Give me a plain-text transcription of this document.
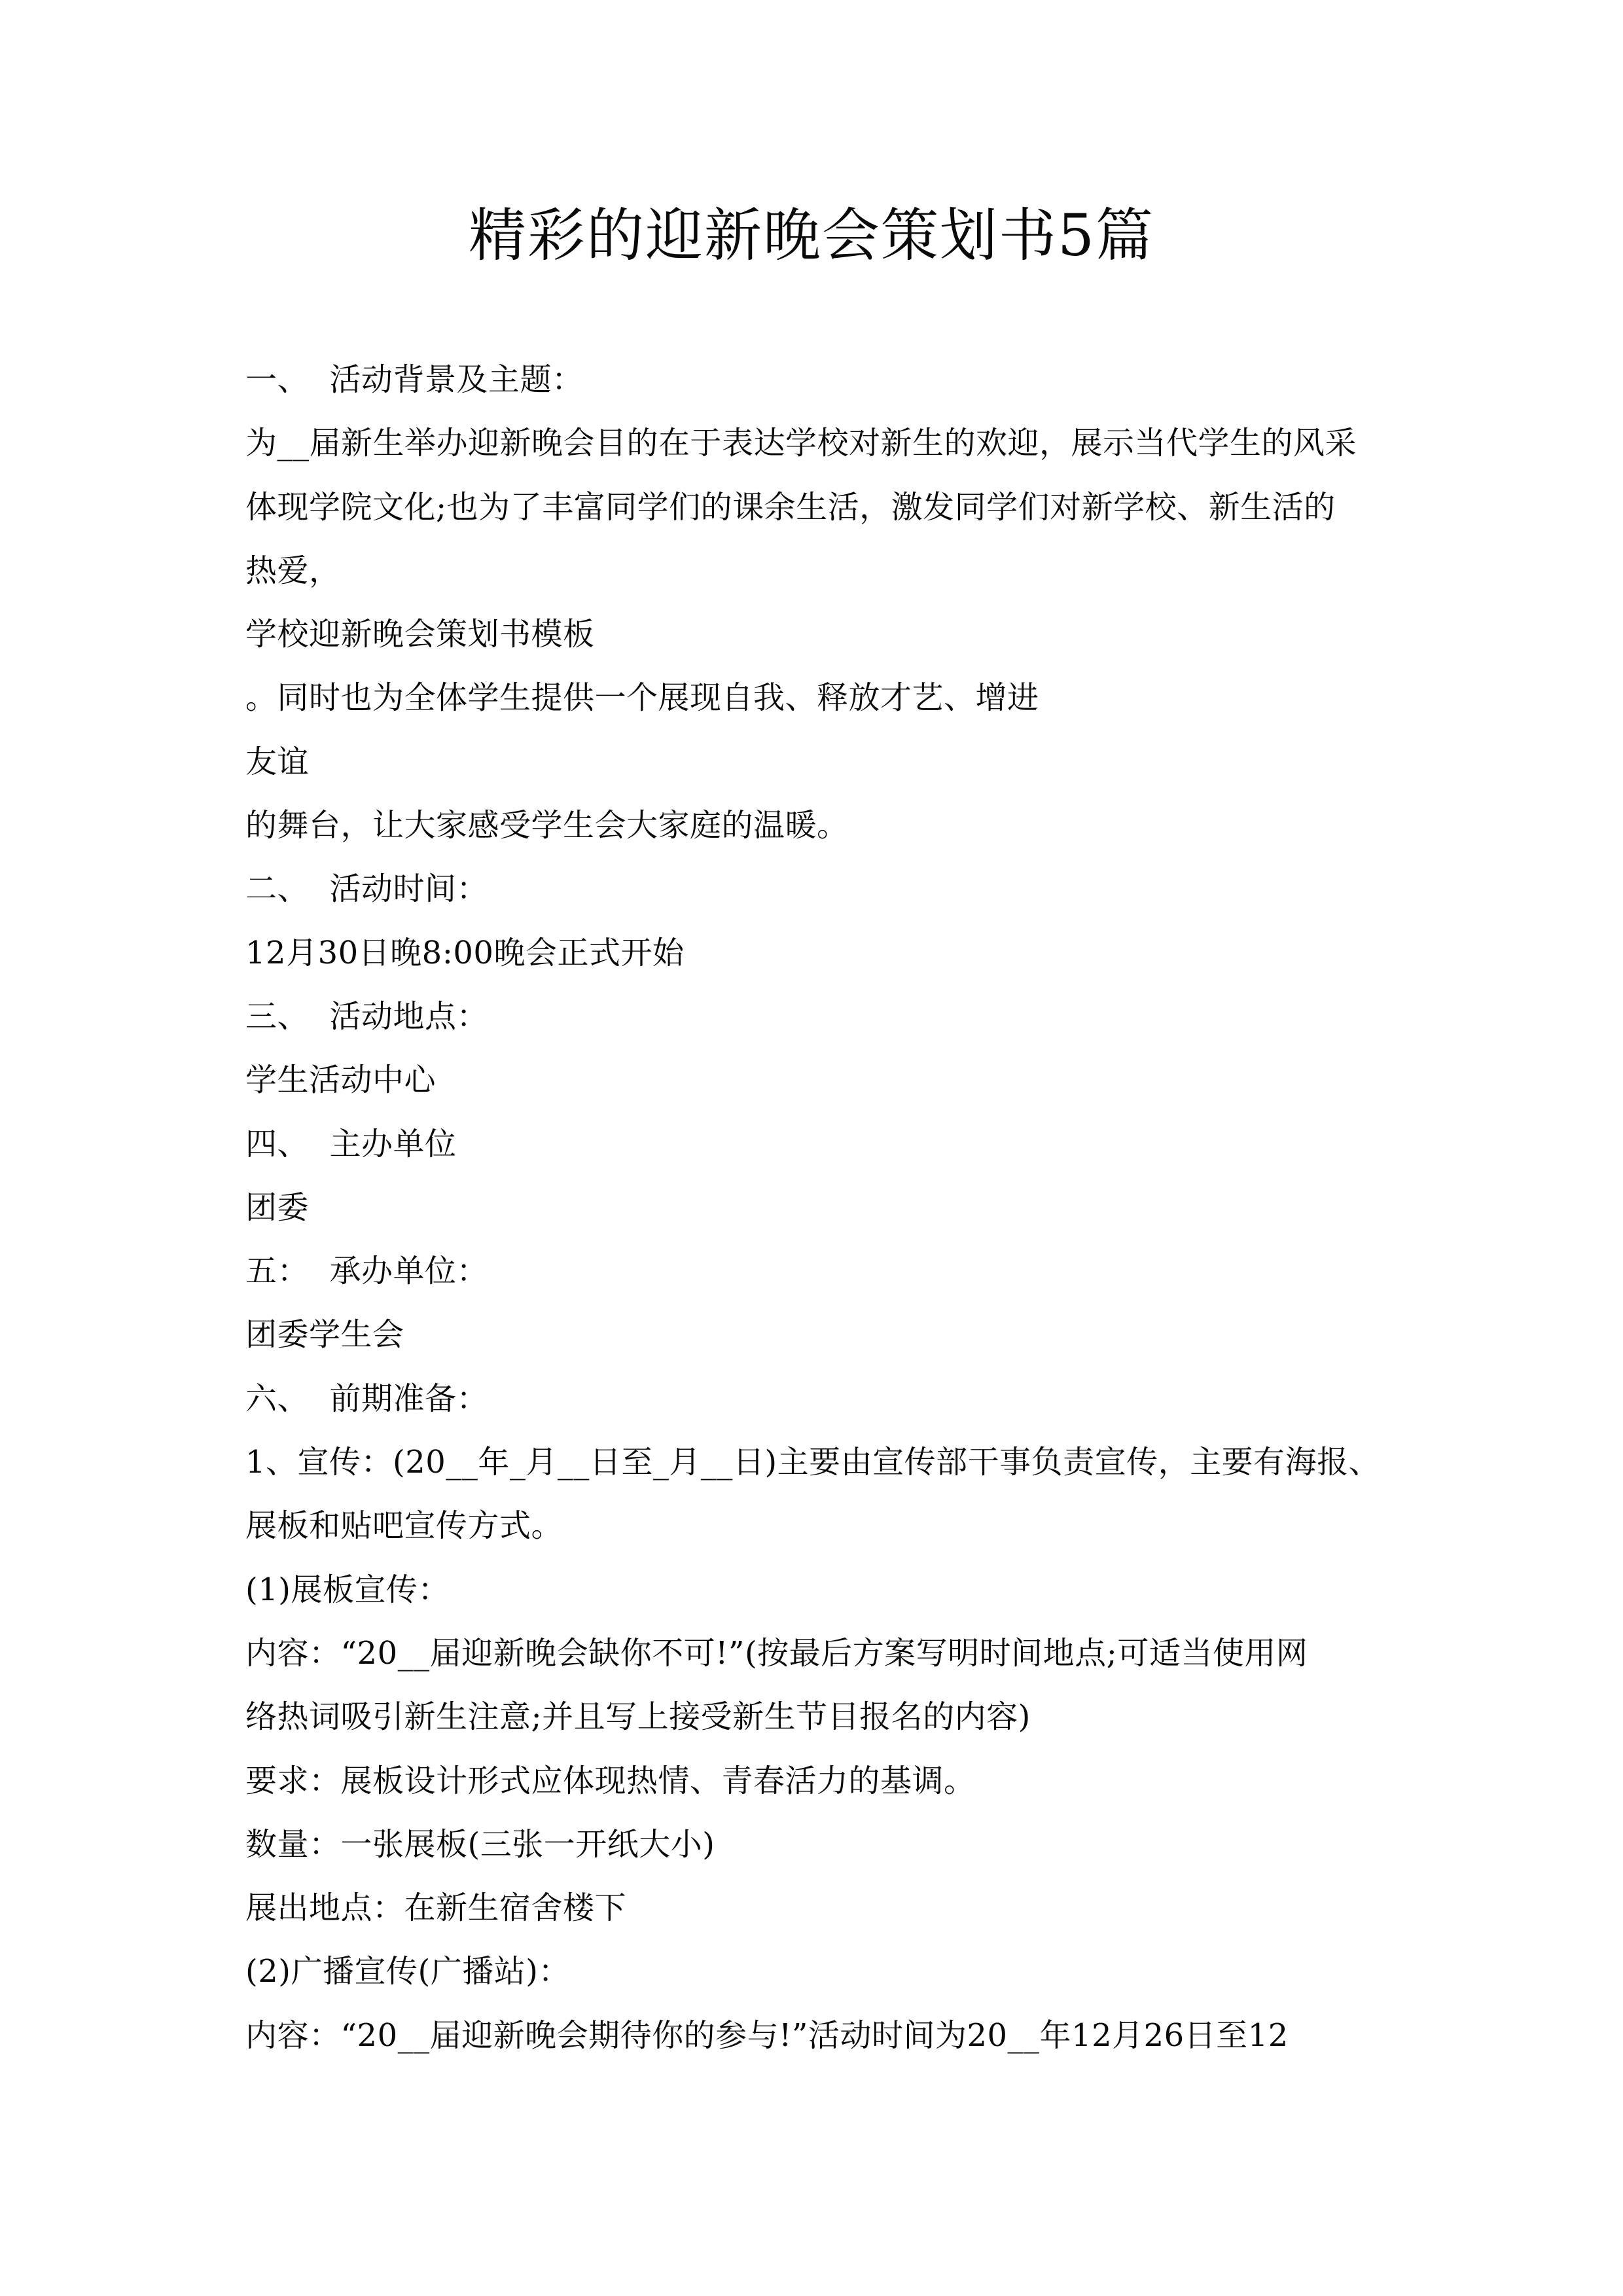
精彩的迎新晚会策划书5篇

一、  活动背景及主题：

为__届新生举办迎新晚会目的在于表达学校对新生的欢迎，展示当代学生的风采

体现学院文化;也为了丰富同学们的课余生活，激发同学们对新学校、新生活的

热爱，

学校迎新晚会策划书模板

。同时也为全体学生提供一个展现自我、释放才艺、增进

友谊

的舞台，让大家感受学生会大家庭的温暖。

二、  活动时间：

12月30日晚8:00晚会正式开始

三、  活动地点：

学生活动中心

四、  主办单位

团委

五：  承办单位：

团委学生会

六、  前期准备：

1、宣传：(20__年_月__日至_月__日)主要由宣传部干事负责宣传，主要有海报、

展板和贴吧宣传方式。

(1)展板宣传：

内容：“20__届迎新晚会缺你不可!”(按最后方案写明时间地点;可适当使用网

络热词吸引新生注意;并且写上接受新生节目报名的内容)

要求：展板设计形式应体现热情、青春活力的基调。

数量：一张展板(三张一开纸大小)

展出地点：在新生宿舍楼下

(2)广播宣传(广播站)：

内容：“20__届迎新晚会期待你的参与!”活动时间为20__年12月26日至12
